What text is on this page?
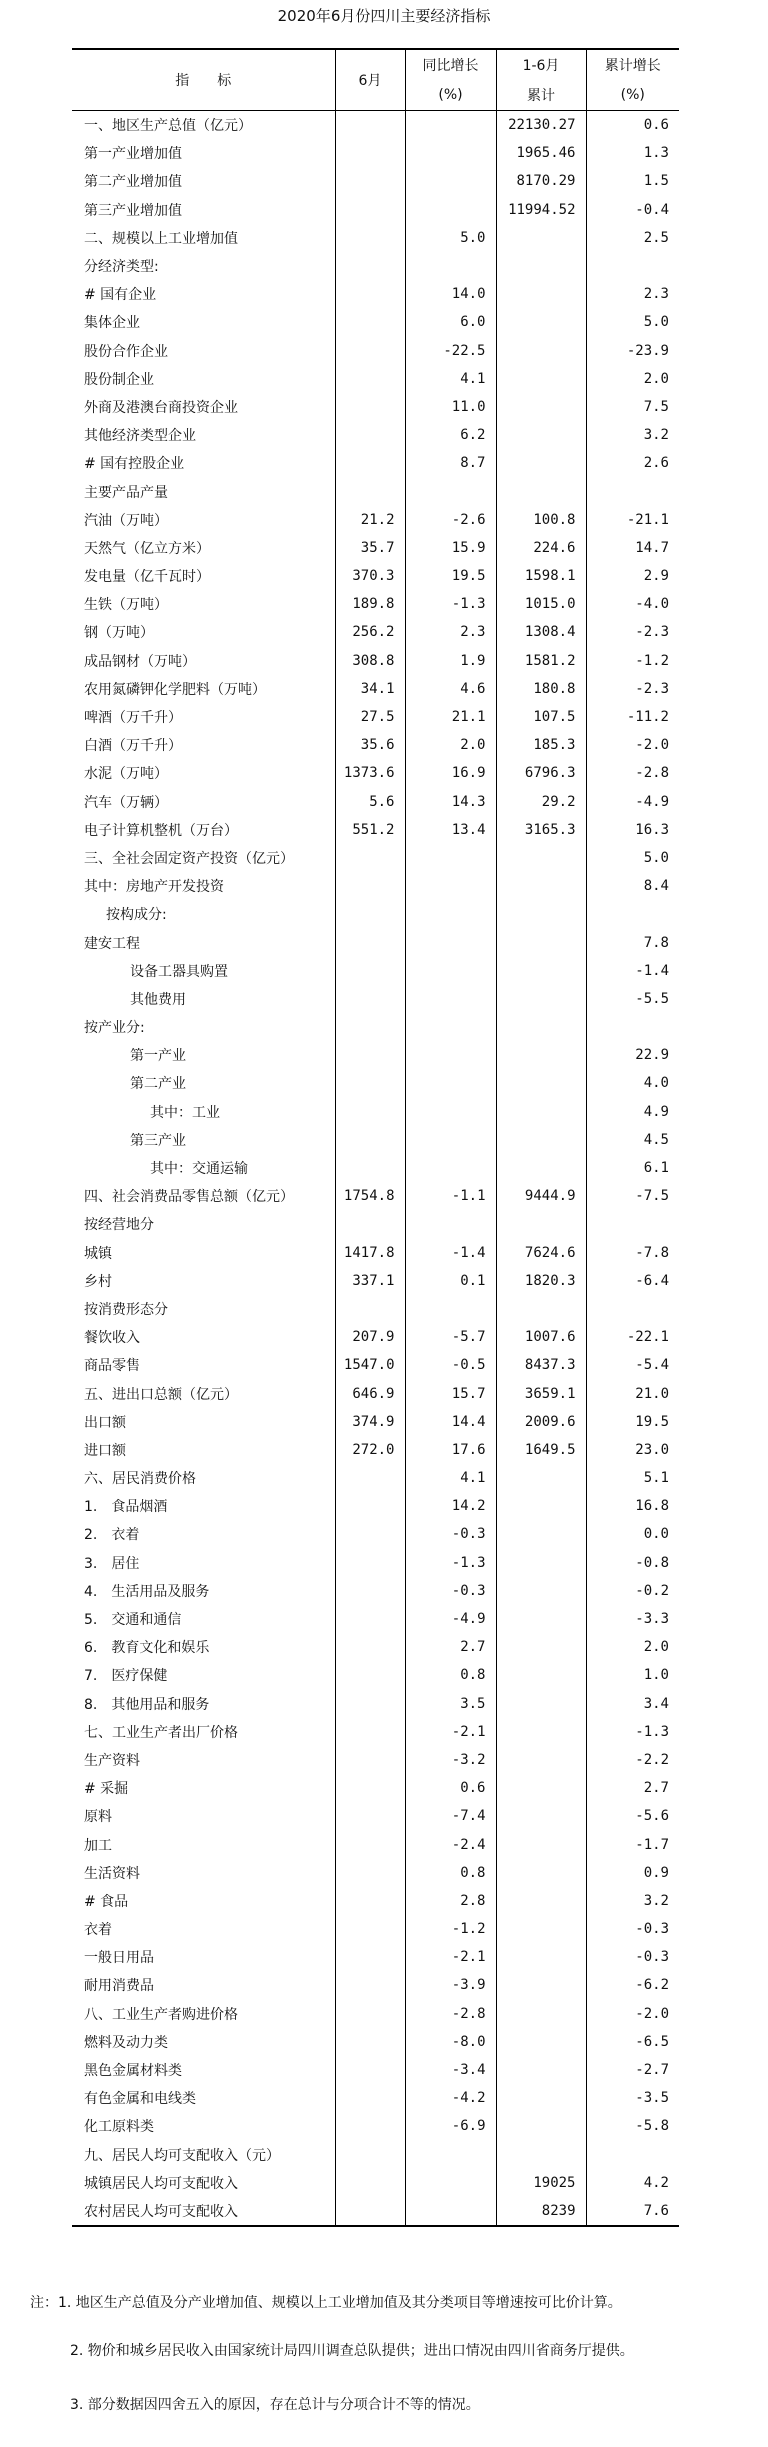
2020年6月份四川主要经济指标
指　　标	6月	同比增长	1-6月	累计增长
		(%)	累计	(%)
一、地区生产总值（亿元）			22130.27	0.6
第一产业增加值			1965.46	1.3
第二产业增加值			8170.29	1.5
第三产业增加值			11994.52	-0.4
二、规模以上工业增加值		5.0		2.5
分经济类型:				
# 国有企业		14.0		2.3
集体企业		6.0		5.0
股份合作企业		-22.5		-23.9
股份制企业		4.1		2.0
外商及港澳台商投资企业		11.0		7.5
其他经济类型企业		6.2		3.2
# 国有控股企业		8.7		2.6
主要产品产量				
汽油（万吨）	21.2	-2.6	100.8	-21.1
天然气（亿立方米）	35.7	15.9	224.6	14.7
发电量（亿千瓦时）	370.3	19.5	1598.1	2.9
生铁（万吨）	189.8	-1.3	1015.0	-4.0
钢（万吨）	256.2	2.3	1308.4	-2.3
成品钢材（万吨）	308.8	1.9	1581.2	-1.2
农用氮磷钾化学肥料（万吨）	34.1	4.6	180.8	-2.3
啤酒（万千升）	27.5	21.1	107.5	-11.2
白酒（万千升）	35.6	2.0	185.3	-2.0
水泥（万吨）	1373.6	16.9	6796.3	-2.8
汽车（万辆）	5.6	14.3	29.2	-4.9
电子计算机整机（万台）	551.2	13.4	3165.3	16.3
三、全社会固定资产投资（亿元）				5.0
其中：房地产开发投资				8.4
按构成分:				
建安工程				7.8
设备工器具购置				-1.4
其他费用				-5.5
按产业分:				
第一产业				22.9
第二产业				4.0
其中：工业				4.9
第三产业				4.5
其中：交通运输				6.1
四、社会消费品零售总额（亿元）	1754.8	-1.1	9444.9	-7.5
按经营地分				
城镇	1417.8	-1.4	7624.6	-7.8
乡村	337.1	0.1	1820.3	-6.4
按消费形态分				
餐饮收入	207.9	-5.7	1007.6	-22.1
商品零售	1547.0	-0.5	8437.3	-5.4
五、进出口总额（亿元）	646.9	15.7	3659.1	21.0
出口额	374.9	14.4	2009.6	19.5
进口额	272.0	17.6	1649.5	23.0
六、居民消费价格		4.1		5.1
1.　食品烟酒		14.2		16.8
2.　衣着		-0.3		0.0
3.　居住		-1.3		-0.8
4.　生活用品及服务		-0.3		-0.2
5.　交通和通信		-4.9		-3.3
6.　教育文化和娱乐		2.7		2.0
7.　医疗保健		0.8		1.0
8.　其他用品和服务		3.5		3.4
七、工业生产者出厂价格		-2.1		-1.3
生产资料		-3.2		-2.2
# 采掘		0.6		2.7
原料		-7.4		-5.6
加工		-2.4		-1.7
生活资料		0.8		0.9
# 食品		2.8		3.2
衣着		-1.2		-0.3
一般日用品		-2.1		-0.3
耐用消费品		-3.9		-6.2
八、工业生产者购进价格		-2.8		-2.0
燃料及动力类		-8.0		-6.5
黑色金属材料类		-3.4		-2.7
有色金属和电线类		-4.2		-3.5
化工原料类		-6.9		-5.8
九、居民人均可支配收入（元）				
城镇居民人均可支配收入			19025	4.2
农村居民人均可支配收入			8239	7.6
注：1. 地区生产总值及分产业增加值、规模以上工业增加值及其分类项目等增速按可比价计算。
2. 物价和城乡居民收入由国家统计局四川调查总队提供；进出口情况由四川省商务厅提供。
3. 部分数据因四舍五入的原因，存在总计与分项合计不等的情况。
